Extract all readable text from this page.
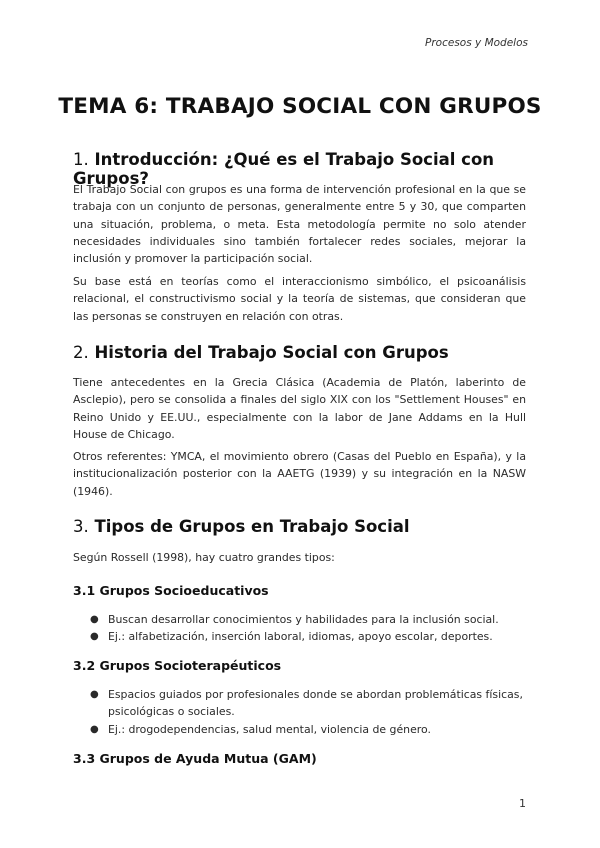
Procesos y Modelos
TEMA 6: TRABAJO SOCIAL CON GRUPOS
1. Introducción: ¿Qué es el Trabajo Social con Grupos?

El Trabajo Social con grupos es una forma de intervención profesional en la que se trabaja con un conjunto de personas, generalmente entre 5 y 30, que comparten una situación, problema, o meta. Esta metodología permite no solo atender necesidades individuales sino también fortalecer redes sociales, mejorar la inclusión y promover la participación social.

Su base está en teorías como el interaccionismo simbólico, el psicoanálisis relacional, el constructivismo social y la teoría de sistemas, que consideran que las personas se construyen en relación con otras.

2. Historia del Trabajo Social con Grupos

Tiene antecedentes en la Grecia Clásica (Academia de Platón, laberinto de Asclepio), pero se consolida a finales del siglo XIX con los "Settlement Houses" en Reino Unido y EE.UU., especialmente con la labor de Jane Addams en la Hull House de Chicago.

Otros referentes: YMCA, el movimiento obrero (Casas del Pueblo en España), y la institucionalización posterior con la AAETG (1939) y su integración en la NASW (1946).

3. Tipos de Grupos en Trabajo Social

Según Rossell (1998), hay cuatro grandes tipos:

3.1 Grupos Socioeducativos
● Buscan desarrollar conocimientos y habilidades para la inclusión social.
● Ej.: alfabetización, inserción laboral, idiomas, apoyo escolar, deportes.
3.2 Grupos Socioterapéuticos
● Espacios guiados por profesionales donde se abordan problemáticas físicas, psicológicas o sociales.
● Ej.: drogodependencias, salud mental, violencia de género.
3.3 Grupos de Ayuda Mutua (GAM)
1
